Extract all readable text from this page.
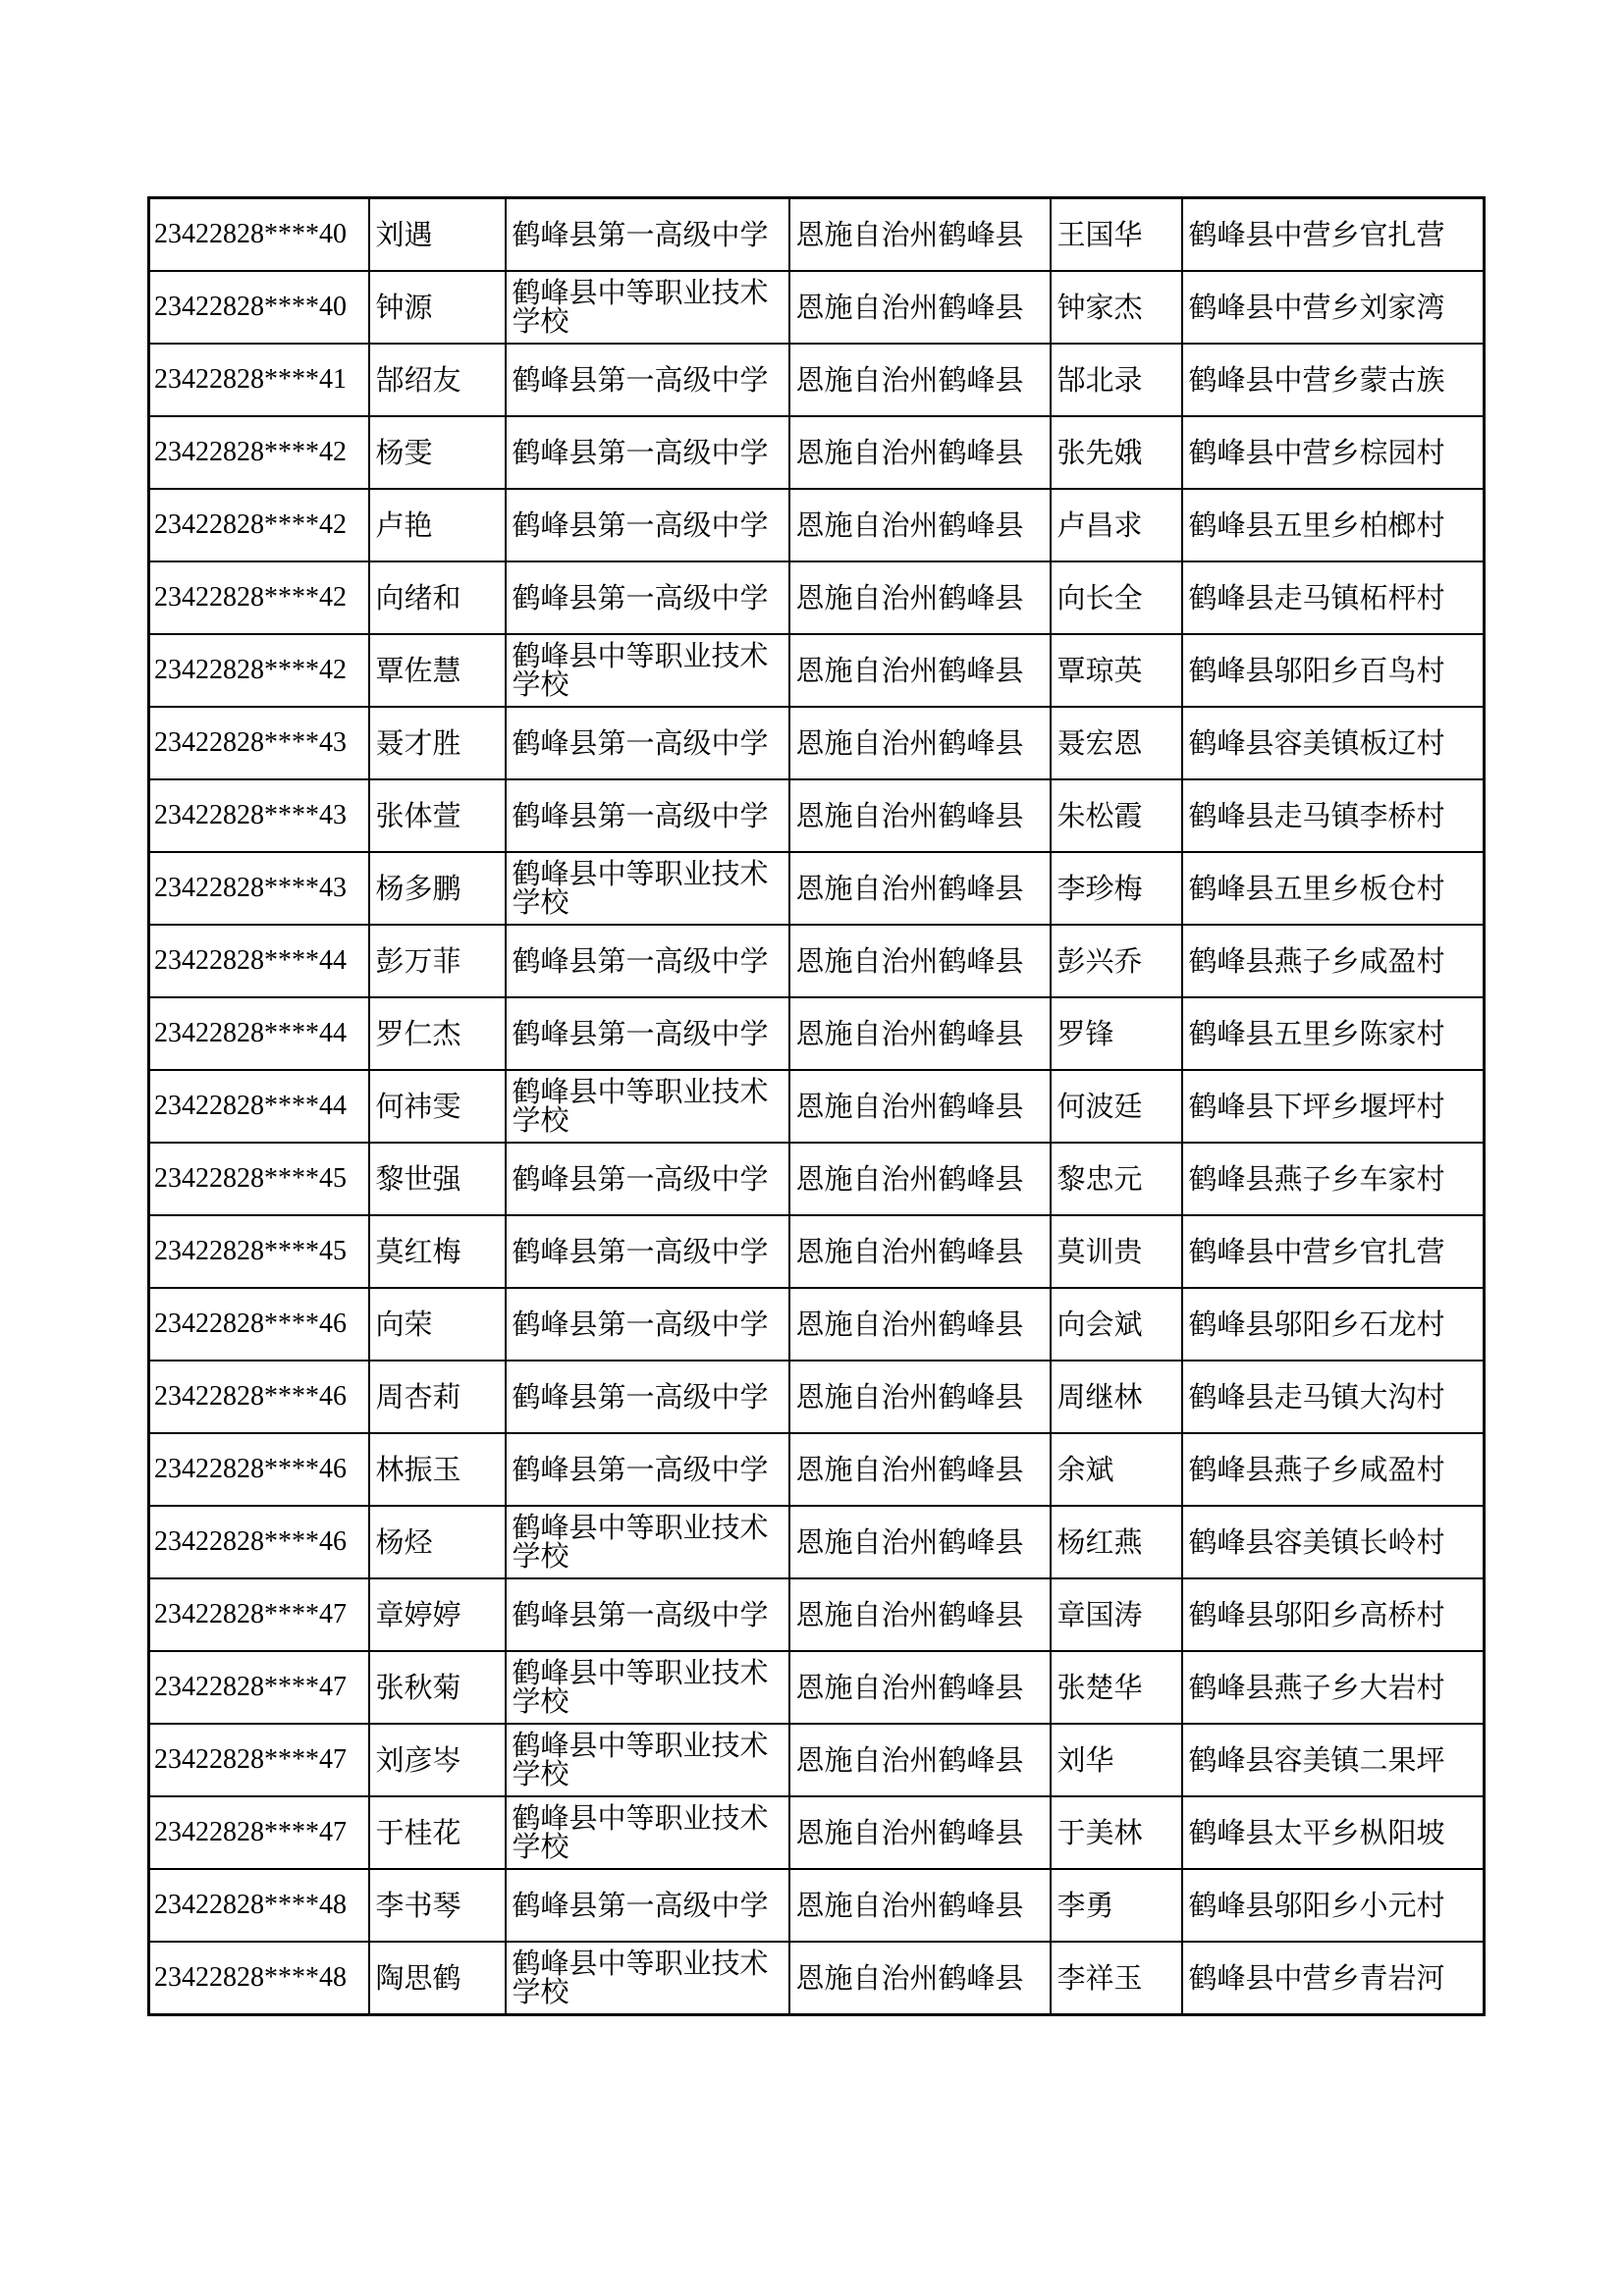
23422828****40	刘遇	鹤峰县第一高级中学	恩施自治州鹤峰县	王国华	鹤峰县中营乡官扎营
23422828****40	钟源	鹤峰县中等职业技术学校	恩施自治州鹤峰县	钟家杰	鹤峰县中营乡刘家湾
23422828****41	郜绍友	鹤峰县第一高级中学	恩施自治州鹤峰县	郜北录	鹤峰县中营乡蒙古族
23422828****42	杨雯	鹤峰县第一高级中学	恩施自治州鹤峰县	张先娥	鹤峰县中营乡棕园村
23422828****42	卢艳	鹤峰县第一高级中学	恩施自治州鹤峰县	卢昌求	鹤峰县五里乡柏榔村
23422828****42	向绪和	鹤峰县第一高级中学	恩施自治州鹤峰县	向长全	鹤峰县走马镇柘枰村
23422828****42	覃佐慧	鹤峰县中等职业技术学校	恩施自治州鹤峰县	覃琼英	鹤峰县邬阳乡百鸟村
23422828****43	聂才胜	鹤峰县第一高级中学	恩施自治州鹤峰县	聂宏恩	鹤峰县容美镇板辽村
23422828****43	张体萱	鹤峰县第一高级中学	恩施自治州鹤峰县	朱松霞	鹤峰县走马镇李桥村
23422828****43	杨多鹏	鹤峰县中等职业技术学校	恩施自治州鹤峰县	李珍梅	鹤峰县五里乡板仓村
23422828****44	彭万菲	鹤峰县第一高级中学	恩施自治州鹤峰县	彭兴乔	鹤峰县燕子乡咸盈村
23422828****44	罗仁杰	鹤峰县第一高级中学	恩施自治州鹤峰县	罗锋	鹤峰县五里乡陈家村
23422828****44	何祎雯	鹤峰县中等职业技术学校	恩施自治州鹤峰县	何波廷	鹤峰县下坪乡堰坪村
23422828****45	黎世强	鹤峰县第一高级中学	恩施自治州鹤峰县	黎忠元	鹤峰县燕子乡车家村
23422828****45	莫红梅	鹤峰县第一高级中学	恩施自治州鹤峰县	莫训贵	鹤峰县中营乡官扎营
23422828****46	向荣	鹤峰县第一高级中学	恩施自治州鹤峰县	向会斌	鹤峰县邬阳乡石龙村
23422828****46	周杏莉	鹤峰县第一高级中学	恩施自治州鹤峰县	周继林	鹤峰县走马镇大沟村
23422828****46	林振玉	鹤峰县第一高级中学	恩施自治州鹤峰县	余斌	鹤峰县燕子乡咸盈村
23422828****46	杨烃	鹤峰县中等职业技术学校	恩施自治州鹤峰县	杨红燕	鹤峰县容美镇长岭村
23422828****47	章婷婷	鹤峰县第一高级中学	恩施自治州鹤峰县	章国涛	鹤峰县邬阳乡高桥村
23422828****47	张秋菊	鹤峰县中等职业技术学校	恩施自治州鹤峰县	张楚华	鹤峰县燕子乡大岩村
23422828****47	刘彦岑	鹤峰县中等职业技术学校	恩施自治州鹤峰县	刘华	鹤峰县容美镇二果坪
23422828****47	于桂花	鹤峰县中等职业技术学校	恩施自治州鹤峰县	于美林	鹤峰县太平乡枞阳坡
23422828****48	李书琴	鹤峰县第一高级中学	恩施自治州鹤峰县	李勇	鹤峰县邬阳乡小元村
23422828****48	陶思鹤	鹤峰县中等职业技术学校	恩施自治州鹤峰县	李祥玉	鹤峰县中营乡青岩河
